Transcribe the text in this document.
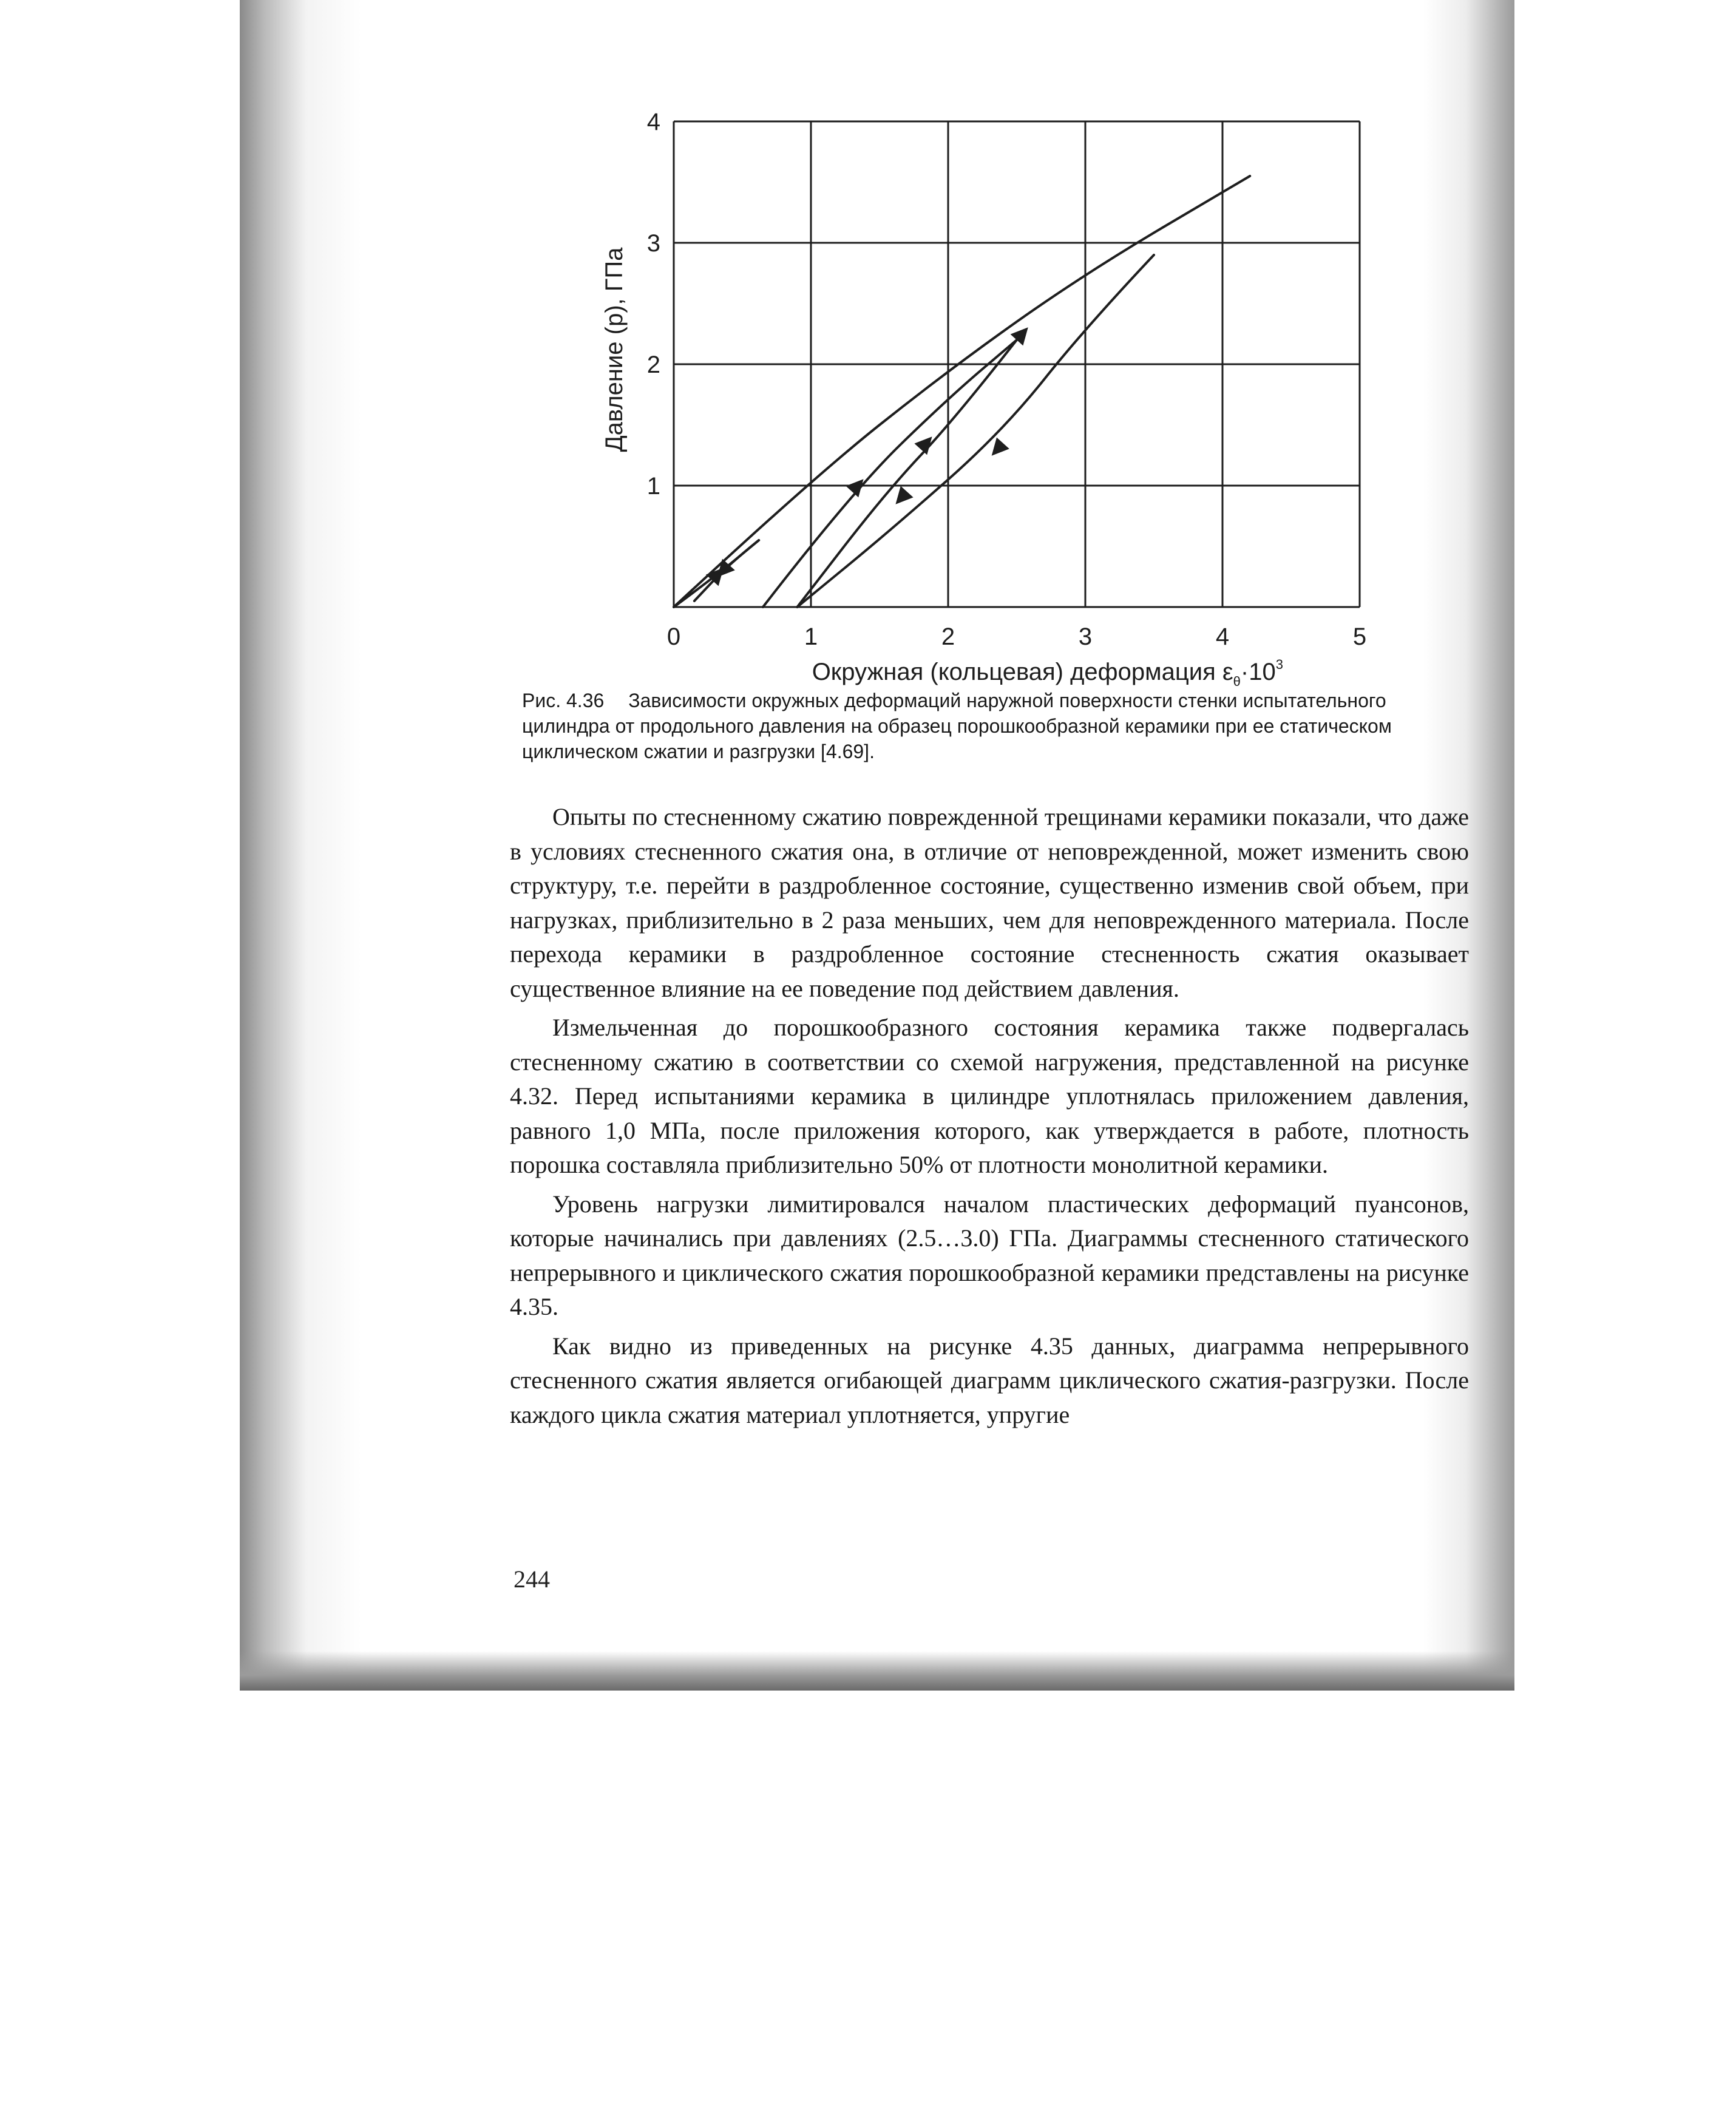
0	1	2	3	4	5
1
2
3
4
Давление (p), ГПа
Окружная (кольцевая) деформация $\varepsilon_\theta\cdot 10^3$
Рис. 4.36 Зависимости окружных деформаций наружной поверхности стенки испытательного цилиндра от продольного давления на образец порошкообразной керамики при ее статическом циклическом сжатии и разгрузки [4.69].

Опыты по стесненному сжатию поврежденной трещинами керамики показали, что даже в условиях стесненного сжатия она, в отличие от неповрежденной, может изменить свою структуру, т.е. перейти в раздробленное состояние, существенно изменив свой объем, при нагрузках, приблизительно в 2 раза меньших, чем для неповрежденного материала. После перехода керамики в раздробленное состояние стесненность сжатия оказывает существенное влияние на ее поведение под действием давления.

Измельченная до порошкообразного состояния керамика также подвергалась стесненному сжатию в соответствии со схемой нагружения, представленной на рисунке 4.32. Перед испытаниями керамика в цилиндре уплотнялась приложением давления, равного 1,0 МПа, после приложения которого, как утверждается в работе, плотность порошка составляла приблизительно 50% от плотности монолитной керамики.

Уровень нагрузки лимитировался началом пластических деформаций пуансонов, которые начинались при давлениях (2.5…3.0) ГПа. Диаграммы стесненного статического непрерывного и циклического сжатия порошкообразной керамики представлены на рисунке 4.35.

Как видно из приведенных на рисунке 4.35 данных, диаграмма непрерывного стесненного сжатия является огибающей диаграмм циклического сжатия-разгрузки. После каждого цикла сжатия материал уплотняется, упругие

244
